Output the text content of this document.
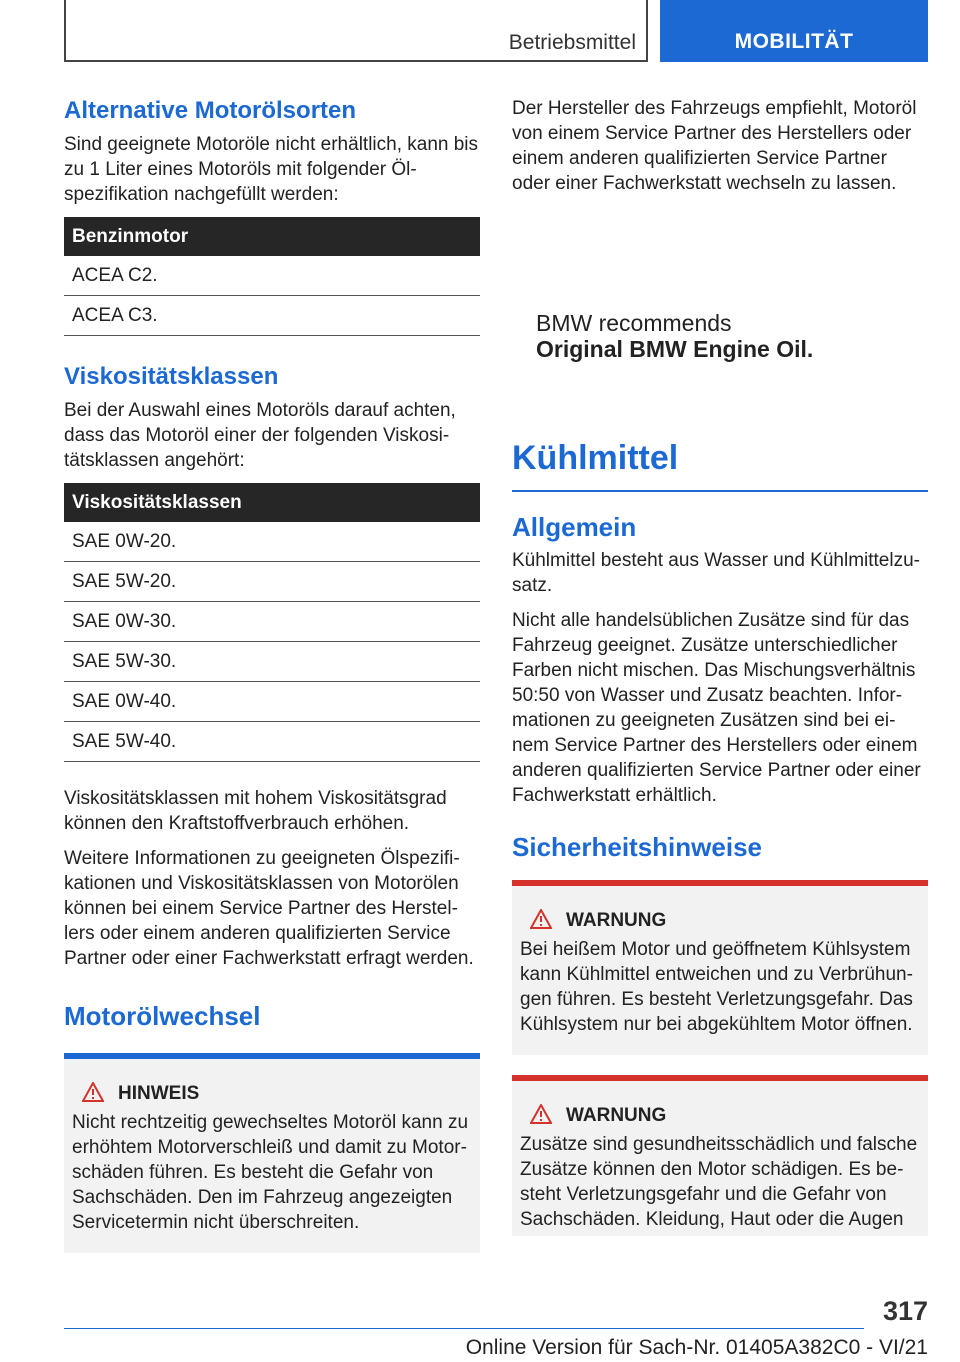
Betriebsmittel	MOBILITÄT
Alternative Motorölsorten

Sind geeignete Motoröle nicht erhältlich, kann bis zu 1 Liter eines Motoröls mit folgender Öl-spezifikation nachgefüllt werden:

Benzinmotor
ACEA C2.
ACEA C3.
Viskositätsklassen

Bei der Auswahl eines Motoröls darauf achten, dass das Motoröl einer der folgenden Viskosi-tätsklassen angehört:

Viskositätsklassen
SAE 0W-20.
SAE 5W-20.
SAE 0W-30.
SAE 5W-30.
SAE 0W-40.
SAE 5W-40.

Viskositätsklassen mit hohem Viskositätsgrad können den Kraftstoffverbrauch erhöhen.

Weitere Informationen zu geeigneten Ölspezifi-kationen und Viskositätsklassen von Motorölen können bei einem Service Partner des Herstel-lers oder einem anderen qualifizierten Service Partner oder einer Fachwerkstatt erfragt werden.

Motorölwechsel
HINWEIS

Nicht rechtzeitig gewechseltes Motoröl kann zu erhöhtem Motorverschleiß und damit zu Motor-schäden führen. Es besteht die Gefahr von Sachschäden. Den im Fahrzeug angezeigten Servicetermin nicht überschreiten.

Der Hersteller des Fahrzeugs empfiehlt, Motoröl von einem Service Partner des Herstellers oder einem anderen qualifizierten Service Partner oder einer Fachwerkstatt wechseln zu lassen.

BMW recommends
Original BMW Engine Oil.
Kühlmittel
Allgemein

Kühlmittel besteht aus Wasser und Kühlmittelzu-satz.

Nicht alle handelsüblichen Zusätze sind für das Fahrzeug geeignet. Zusätze unterschiedlicher Farben nicht mischen. Das Mischungsverhältnis 50:50 von Wasser und Zusatz beachten. Infor-mationen zu geeigneten Zusätzen sind bei ei-nem Service Partner des Herstellers oder einem anderen qualifizierten Service Partner oder einer Fachwerkstatt erhältlich.

Sicherheitshinweise
WARNUNG

Bei heißem Motor und geöffnetem Kühlsystem kann Kühlmittel entweichen und zu Verbrühun-gen führen. Es besteht Verletzungsgefahr. Das Kühlsystem nur bei abgekühltem Motor öffnen.

WARNUNG

Zusätze sind gesundheitsschädlich und falsche Zusätze können den Motor schädigen. Es be-steht Verletzungsgefahr und die Gefahr von Sachschäden. Kleidung, Haut oder die Augen

317
Online Version für Sach-Nr. 01405A382C0 - VI/21
